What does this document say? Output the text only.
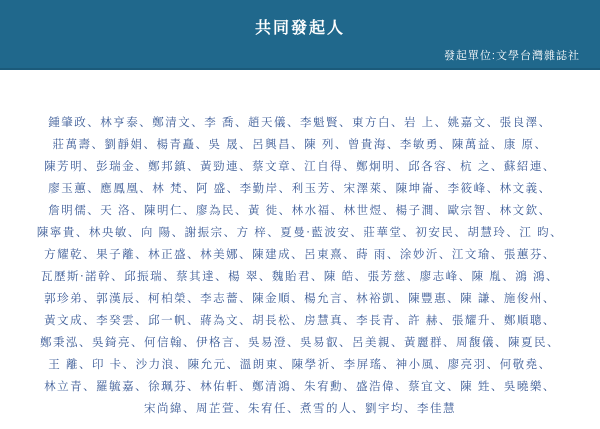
共同發起人
發起單位:文學台灣雜誌社
鍾肇政、林亨泰、鄭清文、李 喬、趙天儀、李魁賢、東方白、岩 上、姚嘉文、張良澤、
莊萬壽、劉靜娟、楊青矗、吳 晟、呂興昌、陳 列、曾貴海、李敏勇、陳萬益、康 原、
陳芳明、彭瑞金、鄭邦鎮、黃勁連、蔡文章、江自得、鄭炯明、邱各容、杭 之、蘇紹連、
廖玉蕙、應鳳凰、林 梵、阿 盛、李勤岸、利玉芳、宋澤萊、陳坤崙、李筱峰、林文義、
詹明儒、天 洛、陳明仁、廖為民、黃 徙、林水福、林世煜、楊子澗、歐宗智、林文欽、
陳寧貴、林央敏、向 陽、謝振宗、方 梓、夏曼‧藍波安、莊華堂、初安民、胡慧玲、江 昀、
方耀乾、果子離、林正盛、林美娜、陳建成、呂東熹、蒔 雨、涂妙沂、江文瑜、張蕙芬、
瓦歷斯‧諾幹、邱振瑞、蔡其達、楊 翠、魏貽君、陳 皓、張芳慈、廖志峰、陳 胤、鴻 鴻、
郭珍弟、郭漢辰、柯柏榮、李志薔、陳金順、楊允言、林裕凱、陳豐惠、陳 謙、施俊州、
黃文成、李癸雲、邱一帆、蔣為文、胡長松、房慧真、李長青、許 赫、張耀升、鄭順聰、
鄭秉泓、吳錡亮、何信翰、伊格言、吳易澄、吳易叡、呂美親、黃麗群、周馥儀、陳夏民、
王 離、印 卡、沙力浪、陳允元、溫朗東、陳學祈、李屏瑤、神小風、廖亮羽、何敬堯、
林立青、羅毓嘉、徐珮芬、林佑軒、鄭清鴻、朱宥勳、盛浩偉、蔡宜文、陳 甡、吳曉樂、
宋尚緯、周芷萱、朱宥任、煮雪的人、劉宇均、李佳慧
